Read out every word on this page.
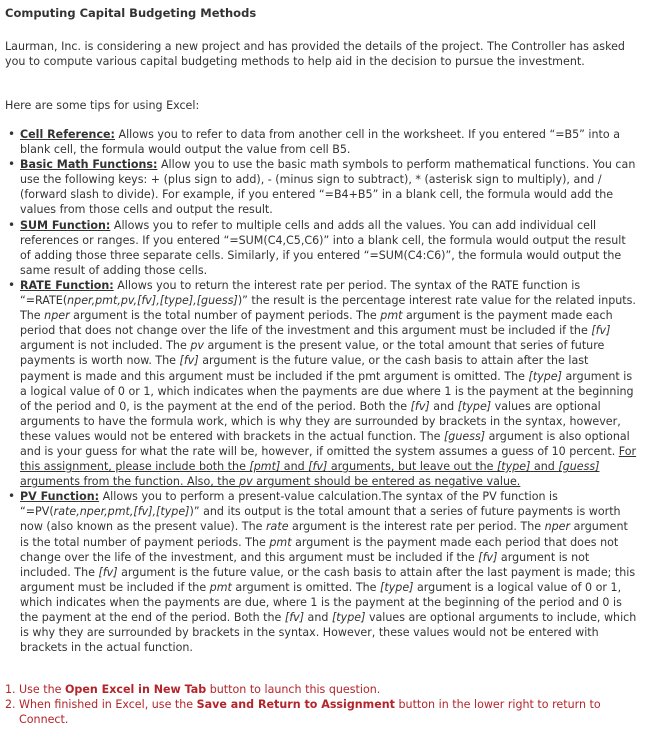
Computing Capital Budgeting Methods

Laurman, Inc. is considering a new project and has provided the details of the project. The Controller has asked you to compute various capital budgeting methods to help aid in the decision to pursue the investment.

Here are some tips for using Excel:

• Cell Reference: Allows you to refer to data from another cell in the worksheet. If you entered “=B5” into a blank cell, the formula would output the value from cell B5.
• Basic Math Functions: Allow you to use the basic math symbols to perform mathematical functions. You can use the following keys: + (plus sign to add), - (minus sign to subtract), * (asterisk sign to multiply), and / (forward slash to divide). For example, if you entered “=B4+B5” in a blank cell, the formula would add the values from those cells and output the result.
• SUM Function: Allows you to refer to multiple cells and adds all the values. You can add individual cell references or ranges. If you entered “=SUM(C4,C5,C6)” into a blank cell, the formula would output the result of adding those three separate cells. Similarly, if you entered “=SUM(C4:C6)”, the formula would output the same result of adding those cells.
• RATE Function: Allows you to return the interest rate per period. The syntax of the RATE function is “=RATE(nper,pmt,pv,[fv],[type],[guess])” the result is the percentage interest rate value for the related inputs. The nper argument is the total number of payment periods. The pmt argument is the payment made each period that does not change over the life of the investment and this argument must be included if the [fv] argument is not included. The pv argument is the present value, or the total amount that series of future payments is worth now. The [fv] argument is the future value, or the cash basis to attain after the last payment is made and this argument must be included if the pmt argument is omitted. The [type] argument is a logical value of 0 or 1, which indicates when the payments are due where 1 is the payment at the beginning of the period and 0, is the payment at the end of the period. Both the [fv] and [type] values are optional arguments to have the formula work, which is why they are surrounded by brackets in the syntax, however, these values would not be entered with brackets in the actual function. The [guess] argument is also optional and is your guess for what the rate will be, however, if omitted the system assumes a guess of 10 percent. For this assignment, please include both the [pmt] and [fv] arguments, but leave out the [type] and [guess] arguments from the function. Also, the pv argument should be entered as negative value.
• PV Function: Allows you to perform a present-value calculation.The syntax of the PV function is “=PV(rate,nper,pmt,[fv],[type])” and its output is the total amount that a series of future payments is worth now (also known as the present value). The rate argument is the interest rate per period. The nper argument is the total number of payment periods. The pmt argument is the payment made each period that does not change over the life of the investment, and this argument must be included if the [fv] argument is not included. The [fv] argument is the future value, or the cash basis to attain after the last payment is made; this argument must be included if the pmt argument is omitted. The [type] argument is a logical value of 0 or 1, which indicates when the payments are due, where 1 is the payment at the beginning of the period and 0 is the payment at the end of the period. Both the [fv] and [type] values are optional arguments to include, which is why they are surrounded by brackets in the syntax. However, these values would not be entered with brackets in the actual function.
1. Use the Open Excel in New Tab button to launch this question.
2. When finished in Excel, use the Save and Return to Assignment button in the lower right to return to Connect.
